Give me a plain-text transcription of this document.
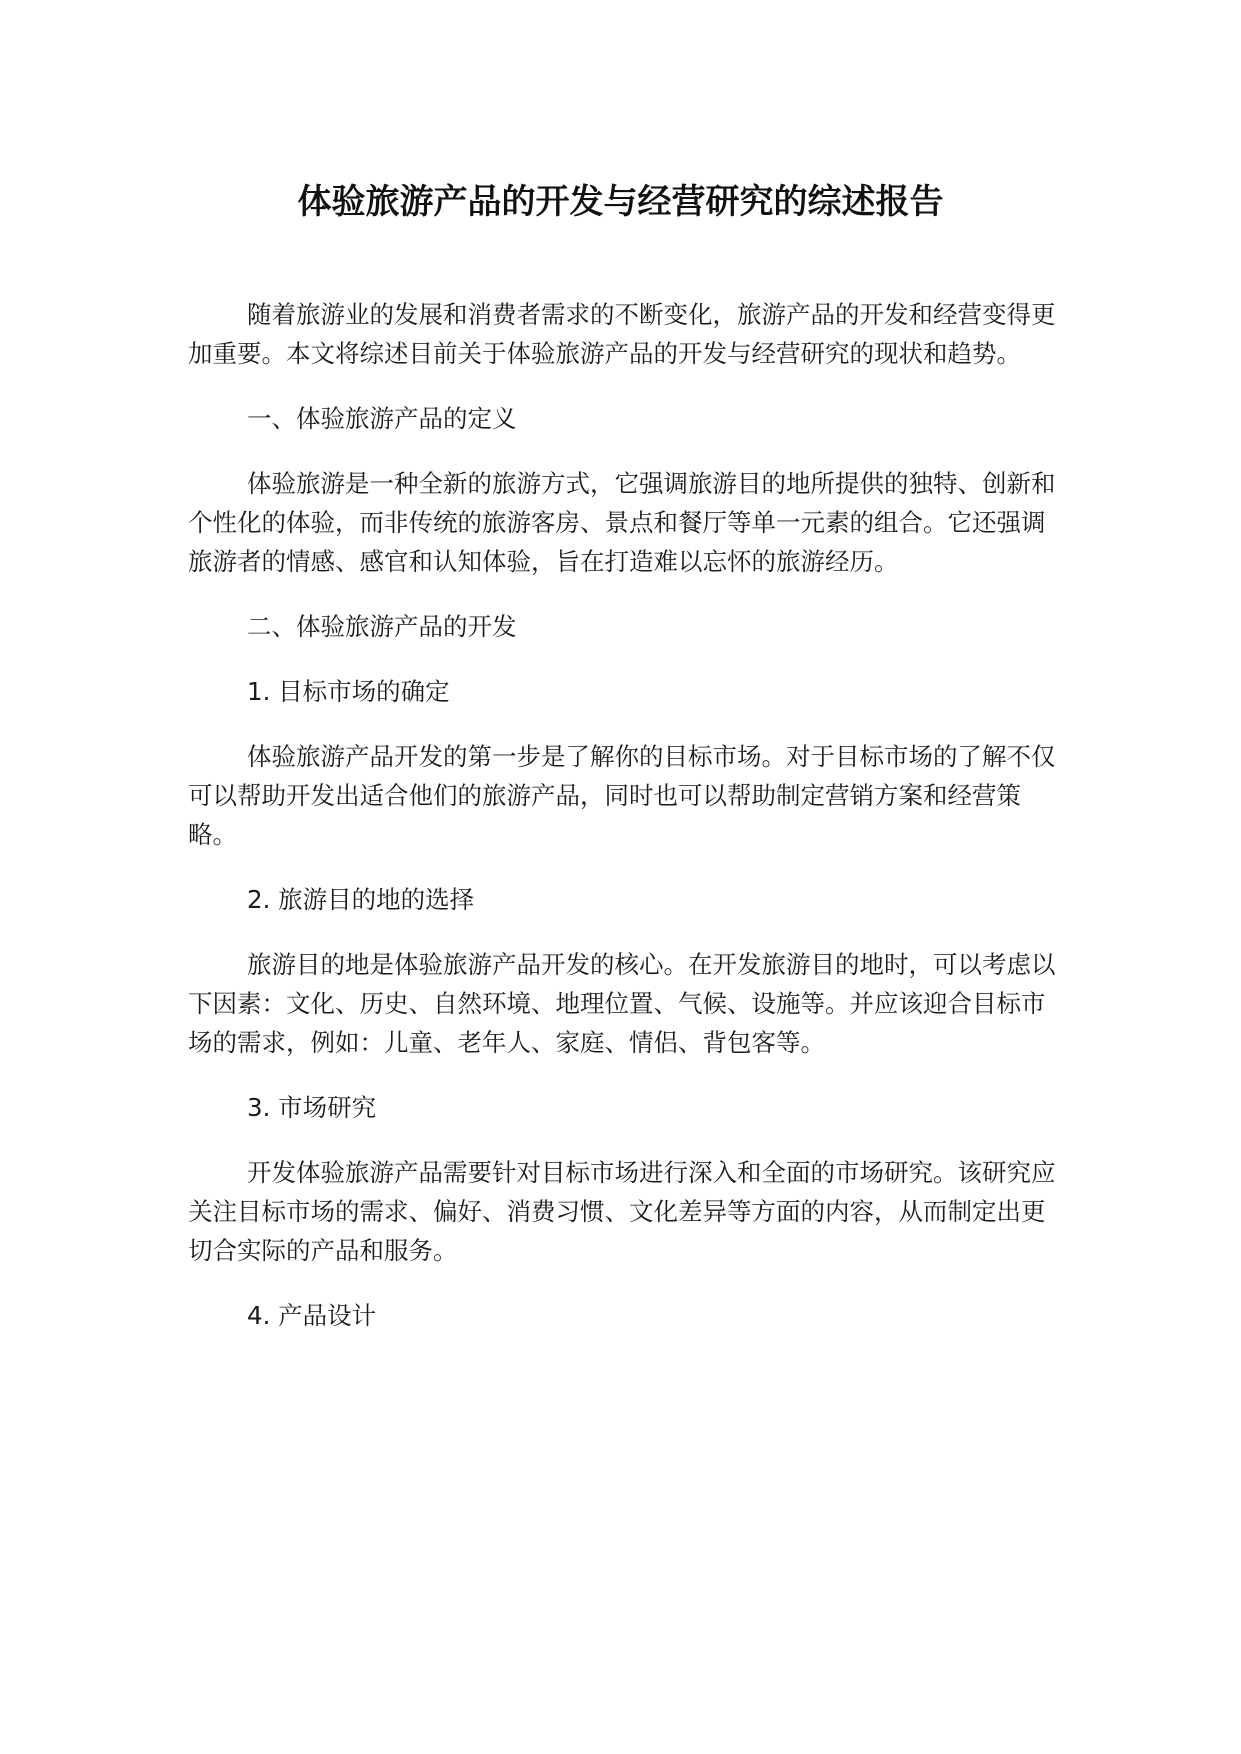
体验旅游产品的开发与经营研究的综述报告

随着旅游业的发展和消费者需求的不断变化，旅游产品的开发和经营变得更加重要。本文将综述目前关于体验旅游产品的开发与经营研究的现状和趋势。

一、体验旅游产品的定义

体验旅游是一种全新的旅游方式，它强调旅游目的地所提供的独特、创新和个性化的体验，而非传统的旅游客房、景点和餐厅等单一元素的组合。它还强调旅游者的情感、感官和认知体验，旨在打造难以忘怀的旅游经历。

二、体验旅游产品的开发

1. 目标市场的确定

体验旅游产品开发的第一步是了解你的目标市场。对于目标市场的了解不仅可以帮助开发出适合他们的旅游产品，同时也可以帮助制定营销方案和经营策略。

2. 旅游目的地的选择

旅游目的地是体验旅游产品开发的核心。在开发旅游目的地时，可以考虑以下因素：文化、历史、自然环境、地理位置、气候、设施等。并应该迎合目标市场的需求，例如：儿童、老年人、家庭、情侣、背包客等。

3. 市场研究

开发体验旅游产品需要针对目标市场进行深入和全面的市场研究。该研究应关注目标市场的需求、偏好、消费习惯、文化差异等方面的内容，从而制定出更切合实际的产品和服务。

4. 产品设计
